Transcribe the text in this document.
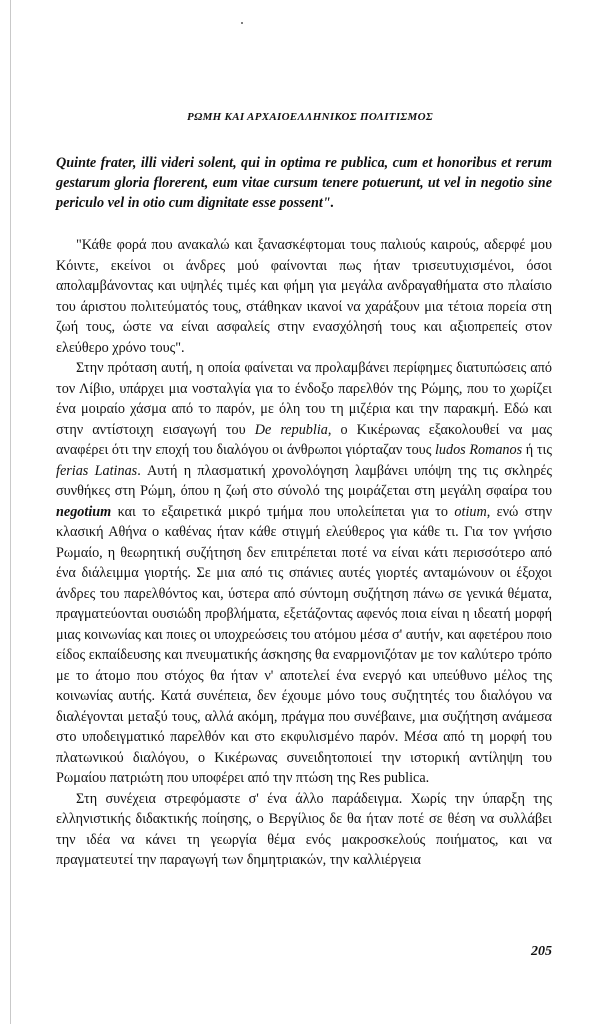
ΡΩΜΗ ΚΑΙ ΑΡΧΑΙΟΕΛΛΗΝΙΚΟΣ ΠΟΛΙΤΙΣΜΟΣ

Quinte frater, illi videri solent, qui in optima re publica, cum et honoribus et rerum gestarum gloria florerent, eum vitae cursum tenere potuerunt, ut vel in negotio sine periculo vel in otio cum dignitate esse possent".

"Κάθε φορά που ανακαλώ και ξανασκέφτομαι τους παλιούς καιρούς, αδερφέ μου Κόιντε, εκείνοι οι άνδρες μού φαίνονται πως ήταν τρισευτυχισμένοι, όσοι απολαμβάνοντας και υψηλές τιμές και φήμη για μεγάλα ανδραγαθήματα στο πλαίσιο του άριστου πολιτεύματός τους, στάθηκαν ικανοί να χαράξουν μια τέτοια πορεία στη ζωή τους, ώστε να είναι ασφαλείς στην ενασχόλησή τους και αξιοπρεπείς στον ελεύθερο χρόνο τους".

Στην πρόταση αυτή, η οποία φαίνεται να προλαμβάνει περίφημες διατυπώσεις από τον Λίβιο, υπάρχει μια νοσταλγία για το ένδοξο παρελθόν της Ρώμης, που το χωρίζει ένα μοιραίο χάσμα από το παρόν, με όλη του τη μιζέρια και την παρακμή. Εδώ και στην αντίστοιχη εισαγωγή του De republia, ο Κικέρωνας εξακολουθεί να μας αναφέρει ότι την εποχή του διαλόγου οι άνθρωποι γιόρταζαν τους ludos Romanos ή τις ferias Latinas. Αυτή η πλασματική χρονολόγηση λαμβάνει υπόψη της τις σκληρές συνθήκες στη Ρώμη, όπου η ζωή στο σύνολό της μοιράζεται στη μεγάλη σφαίρα του negotium και το εξαιρετικά μικρό τμήμα που υπολείπεται για το otium, ενώ στην κλασική Αθήνα ο καθένας ήταν κάθε στιγμή ελεύθερος για κάθε τι. Για τον γνήσιο Ρωμαίο, η θεωρητική συζήτηση δεν επιτρέπεται ποτέ να είναι κάτι περισσότερο από ένα διάλειμμα γιορτής. Σε μια από τις σπάνιες αυτές γιορτές ανταμώνουν οι έξοχοι άνδρες του παρελθόντος και, ύστερα από σύντομη συζήτηση πάνω σε γενικά θέματα, πραγματεύονται ουσιώδη προβλήματα, εξετάζοντας αφενός ποια είναι η ιδεατή μορφή μιας κοινωνίας και ποιες οι υποχρεώσεις του ατόμου μέσα σ' αυτήν, και αφετέρου ποιο είδος εκπαίδευσης και πνευματικής άσκησης θα εναρμονιζόταν με τον καλύτερο τρόπο με το άτομο που στόχος θα ήταν ν' αποτελεί ένα ενεργό και υπεύθυνο μέλος της κοινωνίας αυτής. Κατά συνέπεια, δεν έχουμε μόνο τους συζητητές του διαλόγου να διαλέγονται μεταξύ τους, αλλά ακόμη, πράγμα που συνέβαινε, μια συζήτηση ανάμεσα στο υποδειγματικό παρελθόν και στο εκφυλισμένο παρόν. Μέσα από τη μορφή του πλατωνικού διαλόγου, ο Κικέρωνας συνειδητοποιεί την ιστορική αντίληψη του Ρωμαίου πατριώτη που υποφέρει από την πτώση της Res publica.

Στη συνέχεια στρεφόμαστε σ' ένα άλλο παράδειγμα. Χωρίς την ύπαρξη της ελληνιστικής διδακτικής ποίησης, ο Βεργίλιος δε θα ήταν ποτέ σε θέση να συλλάβει την ιδέα να κάνει τη γεωργία θέμα ενός μακροσκελούς ποιήματος, και να πραγματευτεί την παραγωγή των δημητριακών, την καλλιέργεια

205
